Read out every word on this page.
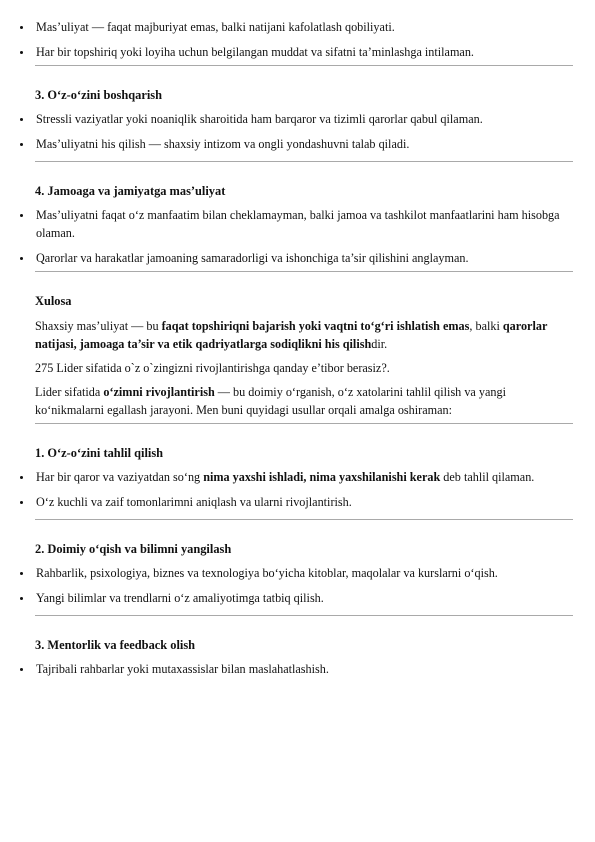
Mas’uliyat — faqat majburiyat emas, balki natijani kafolatlash qobiliyati.
Har bir topshiriq yoki loyiha uchun belgilangan muddat va sifatni ta’minlashga intilaman.
3. O‘z-o‘zini boshqarish
Stressli vaziyatlar yoki noaniqlik sharoitida ham barqaror va tizimli qarorlar qabul qilaman.
Mas’uliyatni his qilish — shaxsiy intizom va ongli yondashuvni talab qiladi.
4. Jamoaga va jamiyatga mas’uliyat
Mas’uliyatni faqat o‘z manfaatim bilan cheklamayman, balki jamoa va tashkilot manfaatlarini ham hisobga olaman.
Qarorlar va harakatlar jamoaning samaradorligi va ishonchiga ta’sir qilishini anglayman.
Xulosa

Shaxsiy mas’uliyat — bu faqat topshiriqni bajarish yoki vaqtni to‘g‘ri ishlatish emas, balki qarorlar natijasi, jamoaga ta’sir va etik qadriyatlarga sodiqlikni his qilishdir.

275 Lider sifatida o`z o`zingizni rivojlantirishga qanday e’tibor berasiz?.

Lider sifatida o‘zimni rivojlantirish — bu doimiy o‘rganish, o‘z xatolarini tahlil qilish va yangi ko‘nikmalarni egallash jarayoni. Men buni quyidagi usullar orqali amalga oshiraman:

1. O‘z-o‘zini tahlil qilish
Har bir qaror va vaziyatdan so‘ng nima yaxshi ishladi, nima yaxshilanishi kerak deb tahlil qilaman.
O‘z kuchli va zaif tomonlarimni aniqlash va ularni rivojlantirish.
2. Doimiy o‘qish va bilimni yangilash
Rahbarlik, psixologiya, biznes va texnologiya bo‘yicha kitoblar, maqolalar va kurslarni o‘qish.
Yangi bilimlar va trendlarni o‘z amaliyotimga tatbiq qilish.
3. Mentorlik va feedback olish
Tajribali rahbarlar yoki mutaxassislar bilan maslahatlashish.
